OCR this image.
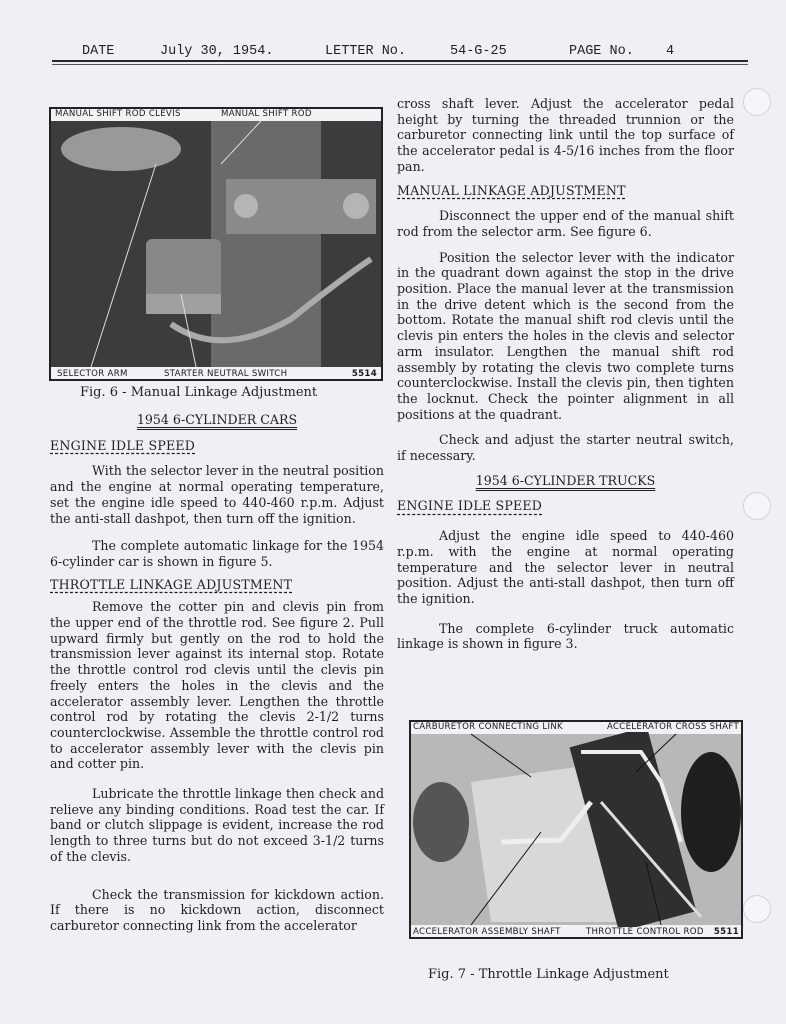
DATE	July 30, 1954.	LETTER No.	54-G-25	PAGE No. 4
MANUAL SHIFT ROD CLEVIS	MANUAL SHIFT ROD
SELECTOR ARM	STARTER NEUTRAL SWITCH	5514
Fig. 6 - Manual Linkage Adjustment

1954 6-CYLINDER CARS

ENGINE IDLE SPEED

With the selector lever in the neutral position and the engine at normal operating temperature, set the engine idle speed to 440-460 r.p.m. Adjust the anti-stall dashpot, then turn off the ignition.

The complete automatic linkage for the 1954 6-cylinder car is shown in figure 5.

THROTTLE LINKAGE ADJUSTMENT

Remove the cotter pin and clevis pin from the upper end of the throttle rod. See figure 2. Pull upward firmly but gently on the rod to hold the transmission lever against its internal stop. Rotate the throttle control rod clevis until the clevis pin freely enters the holes in the clevis and the accelerator assembly lever. Lengthen the throttle control rod by rotating the clevis 2-1/2 turns counterclockwise. Assemble the throttle control rod to accelerator assembly lever with the clevis pin and cotter pin.

Lubricate the throttle linkage then check and relieve any binding conditions. Road test the car. If band or clutch slippage is evident, increase the rod length to three turns but do not exceed 3-1/2 turns of the clevis.

Check the transmission for kickdown action. If there is no kickdown action, disconnect carburetor connecting link from the accelerator

cross shaft lever. Adjust the accelerator pedal height by turning the threaded trunnion or the carburetor connecting link until the top surface of the accelerator pedal is 4-5/16 inches from the floor pan.

MANUAL LINKAGE ADJUSTMENT

Disconnect the upper end of the manual shift rod from the selector arm. See figure 6.

Position the selector lever with the indicator in the quadrant down against the stop in the drive position. Place the manual lever at the transmission in the drive detent which is the second from the bottom. Rotate the manual shift rod clevis until the clevis pin enters the holes in the clevis and selector arm insulator. Lengthen the manual shift rod assembly by rotating the clevis two complete turns counterclockwise. Install the clevis pin, then tighten the locknut. Check the pointer alignment in all positions at the quadrant.

Check and adjust the starter neutral switch, if necessary.

1954 6-CYLINDER TRUCKS

ENGINE IDLE SPEED

Adjust the engine idle speed to 440-460 r.p.m. with the engine at normal operating temperature and the selector lever in neutral position. Adjust the anti-stall dashpot, then turn off the ignition.

The complete 6-cylinder truck automatic linkage is shown in figure 3.

CARBURETOR CONNECTING LINK	ACCELERATOR CROSS SHAFT
ACCELERATOR ASSEMBLY SHAFT	THROTTLE CONTROL ROD 5511
Fig. 7 - Throttle Linkage Adjustment
